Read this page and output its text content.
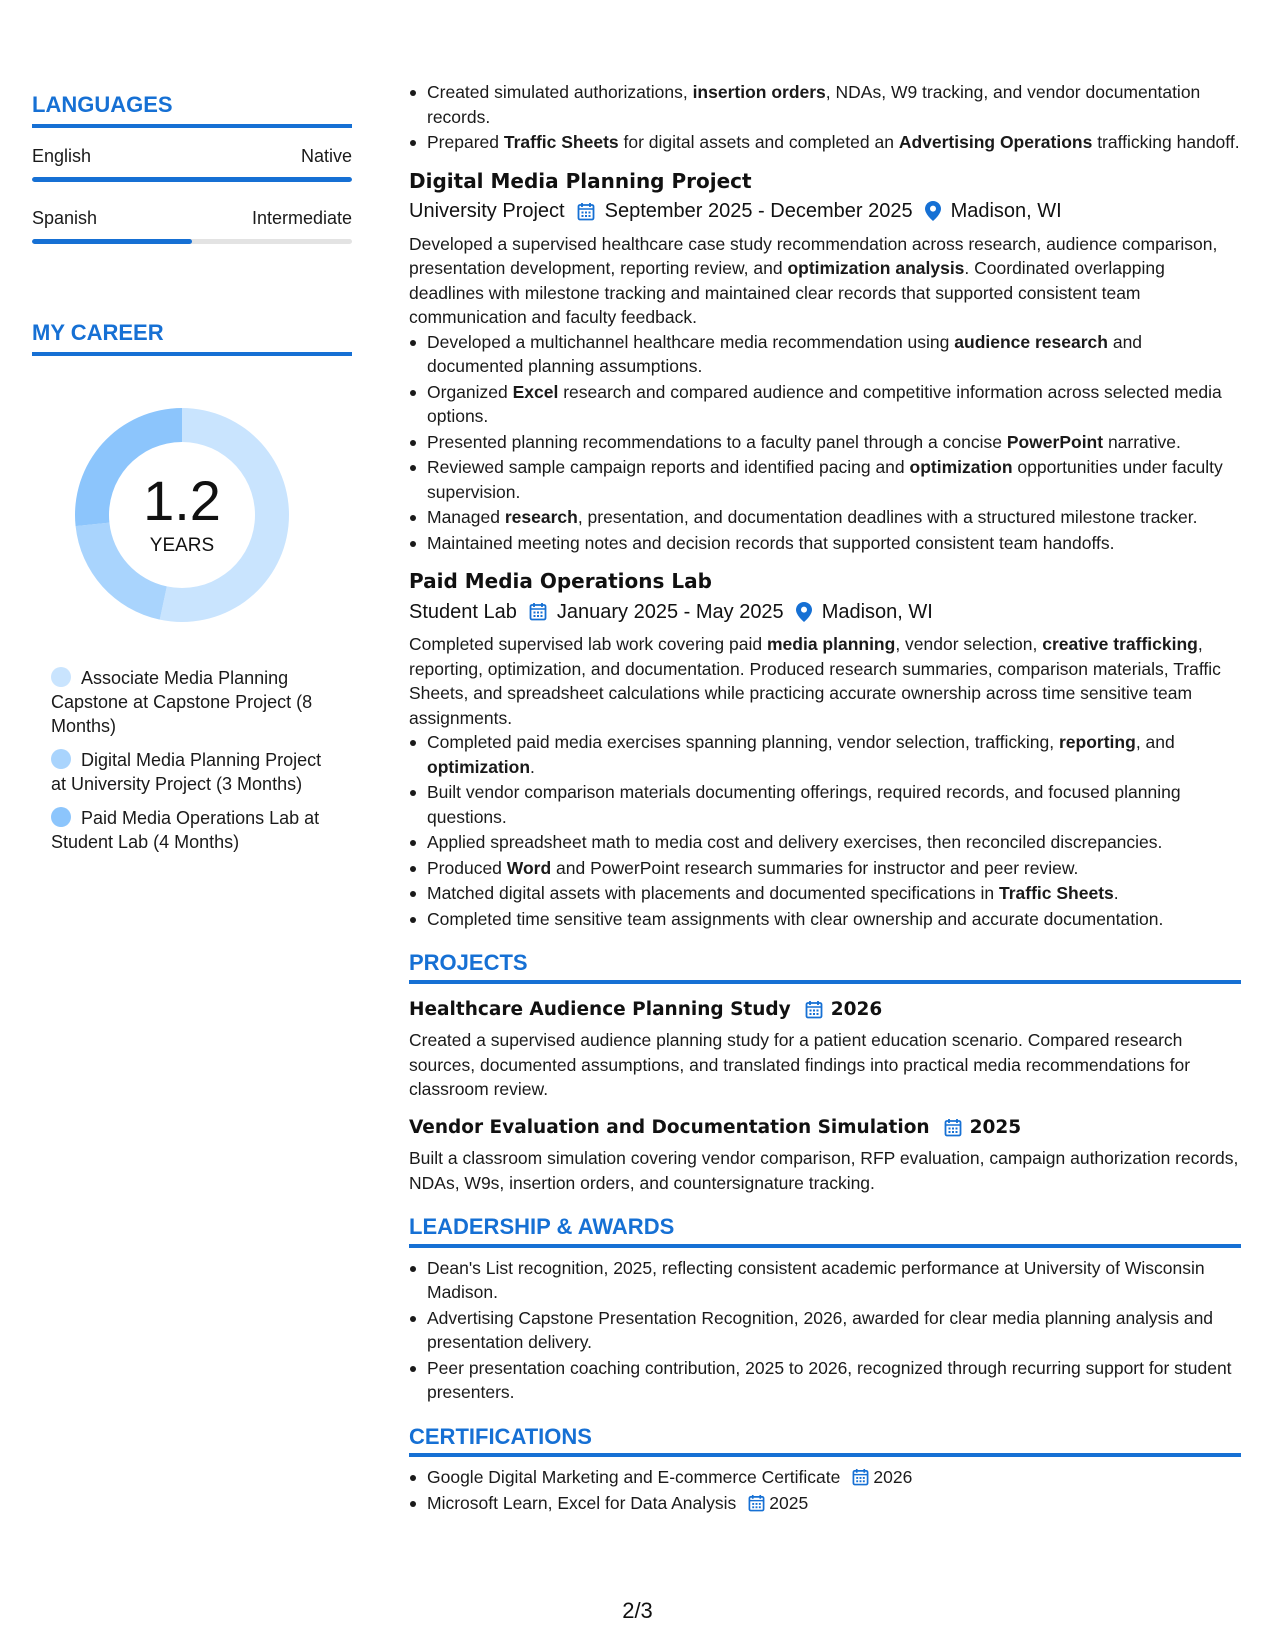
LANGUAGES
English	Native
Spanish	Intermediate
MY CAREER
1.2
YEARS
Associate Media Planning Capstone at Capstone Project (8 Months)
Digital Media Planning Project at University Project (3 Months)
Paid Media Operations Lab at Student Lab (4 Months)
Created simulated authorizations, insertion orders, NDAs, W9 tracking, and vendor documentation records.
Prepared Traffic Sheets for digital assets and completed an Advertising Operations trafficking handoff.
Digital Media Planning Project
University Project September 2025 - December 2025 Madison, WI
Developed a supervised healthcare case study recommendation across research, audience comparison, presentation development, reporting review, and optimization analysis. Coordinated overlapping deadlines with milestone tracking and maintained clear records that supported consistent team communication and faculty feedback.
Developed a multichannel healthcare media recommendation using audience research and documented planning assumptions.
Organized Excel research and compared audience and competitive information across selected media options.
Presented planning recommendations to a faculty panel through a concise PowerPoint narrative.
Reviewed sample campaign reports and identified pacing and optimization opportunities under faculty supervision.
Managed research, presentation, and documentation deadlines with a structured milestone tracker.
Maintained meeting notes and decision records that supported consistent team handoffs.
Paid Media Operations Lab
Student Lab January 2025 - May 2025 Madison, WI
Completed supervised lab work covering paid media planning, vendor selection, creative trafficking, reporting, optimization, and documentation. Produced research summaries, comparison materials, Traffic Sheets, and spreadsheet calculations while practicing accurate ownership across time sensitive team assignments.
Completed paid media exercises spanning planning, vendor selection, trafficking, reporting, and optimization.
Built vendor comparison materials documenting offerings, required records, and focused planning questions.
Applied spreadsheet math to media cost and delivery exercises, then reconciled discrepancies.
Produced Word and PowerPoint research summaries for instructor and peer review.
Matched digital assets with placements and documented specifications in Traffic Sheets.
Completed time sensitive team assignments with clear ownership and accurate documentation.
PROJECTS
Healthcare Audience Planning Study 2026
Created a supervised audience planning study for a patient education scenario. Compared research sources, documented assumptions, and translated findings into practical media recommendations for classroom review.
Vendor Evaluation and Documentation Simulation 2025
Built a classroom simulation covering vendor comparison, RFP evaluation, campaign authorization records, NDAs, W9s, insertion orders, and countersignature tracking.
LEADERSHIP & AWARDS
Dean's List recognition, 2025, reflecting consistent academic performance at University of Wisconsin Madison.
Advertising Capstone Presentation Recognition, 2026, awarded for clear media planning analysis and presentation delivery.
Peer presentation coaching contribution, 2025 to 2026, recognized through recurring support for student presenters.
CERTIFICATIONS
Google Digital Marketing and E-commerce Certificate 2026
Microsoft Learn, Excel for Data Analysis 2025
2/3
